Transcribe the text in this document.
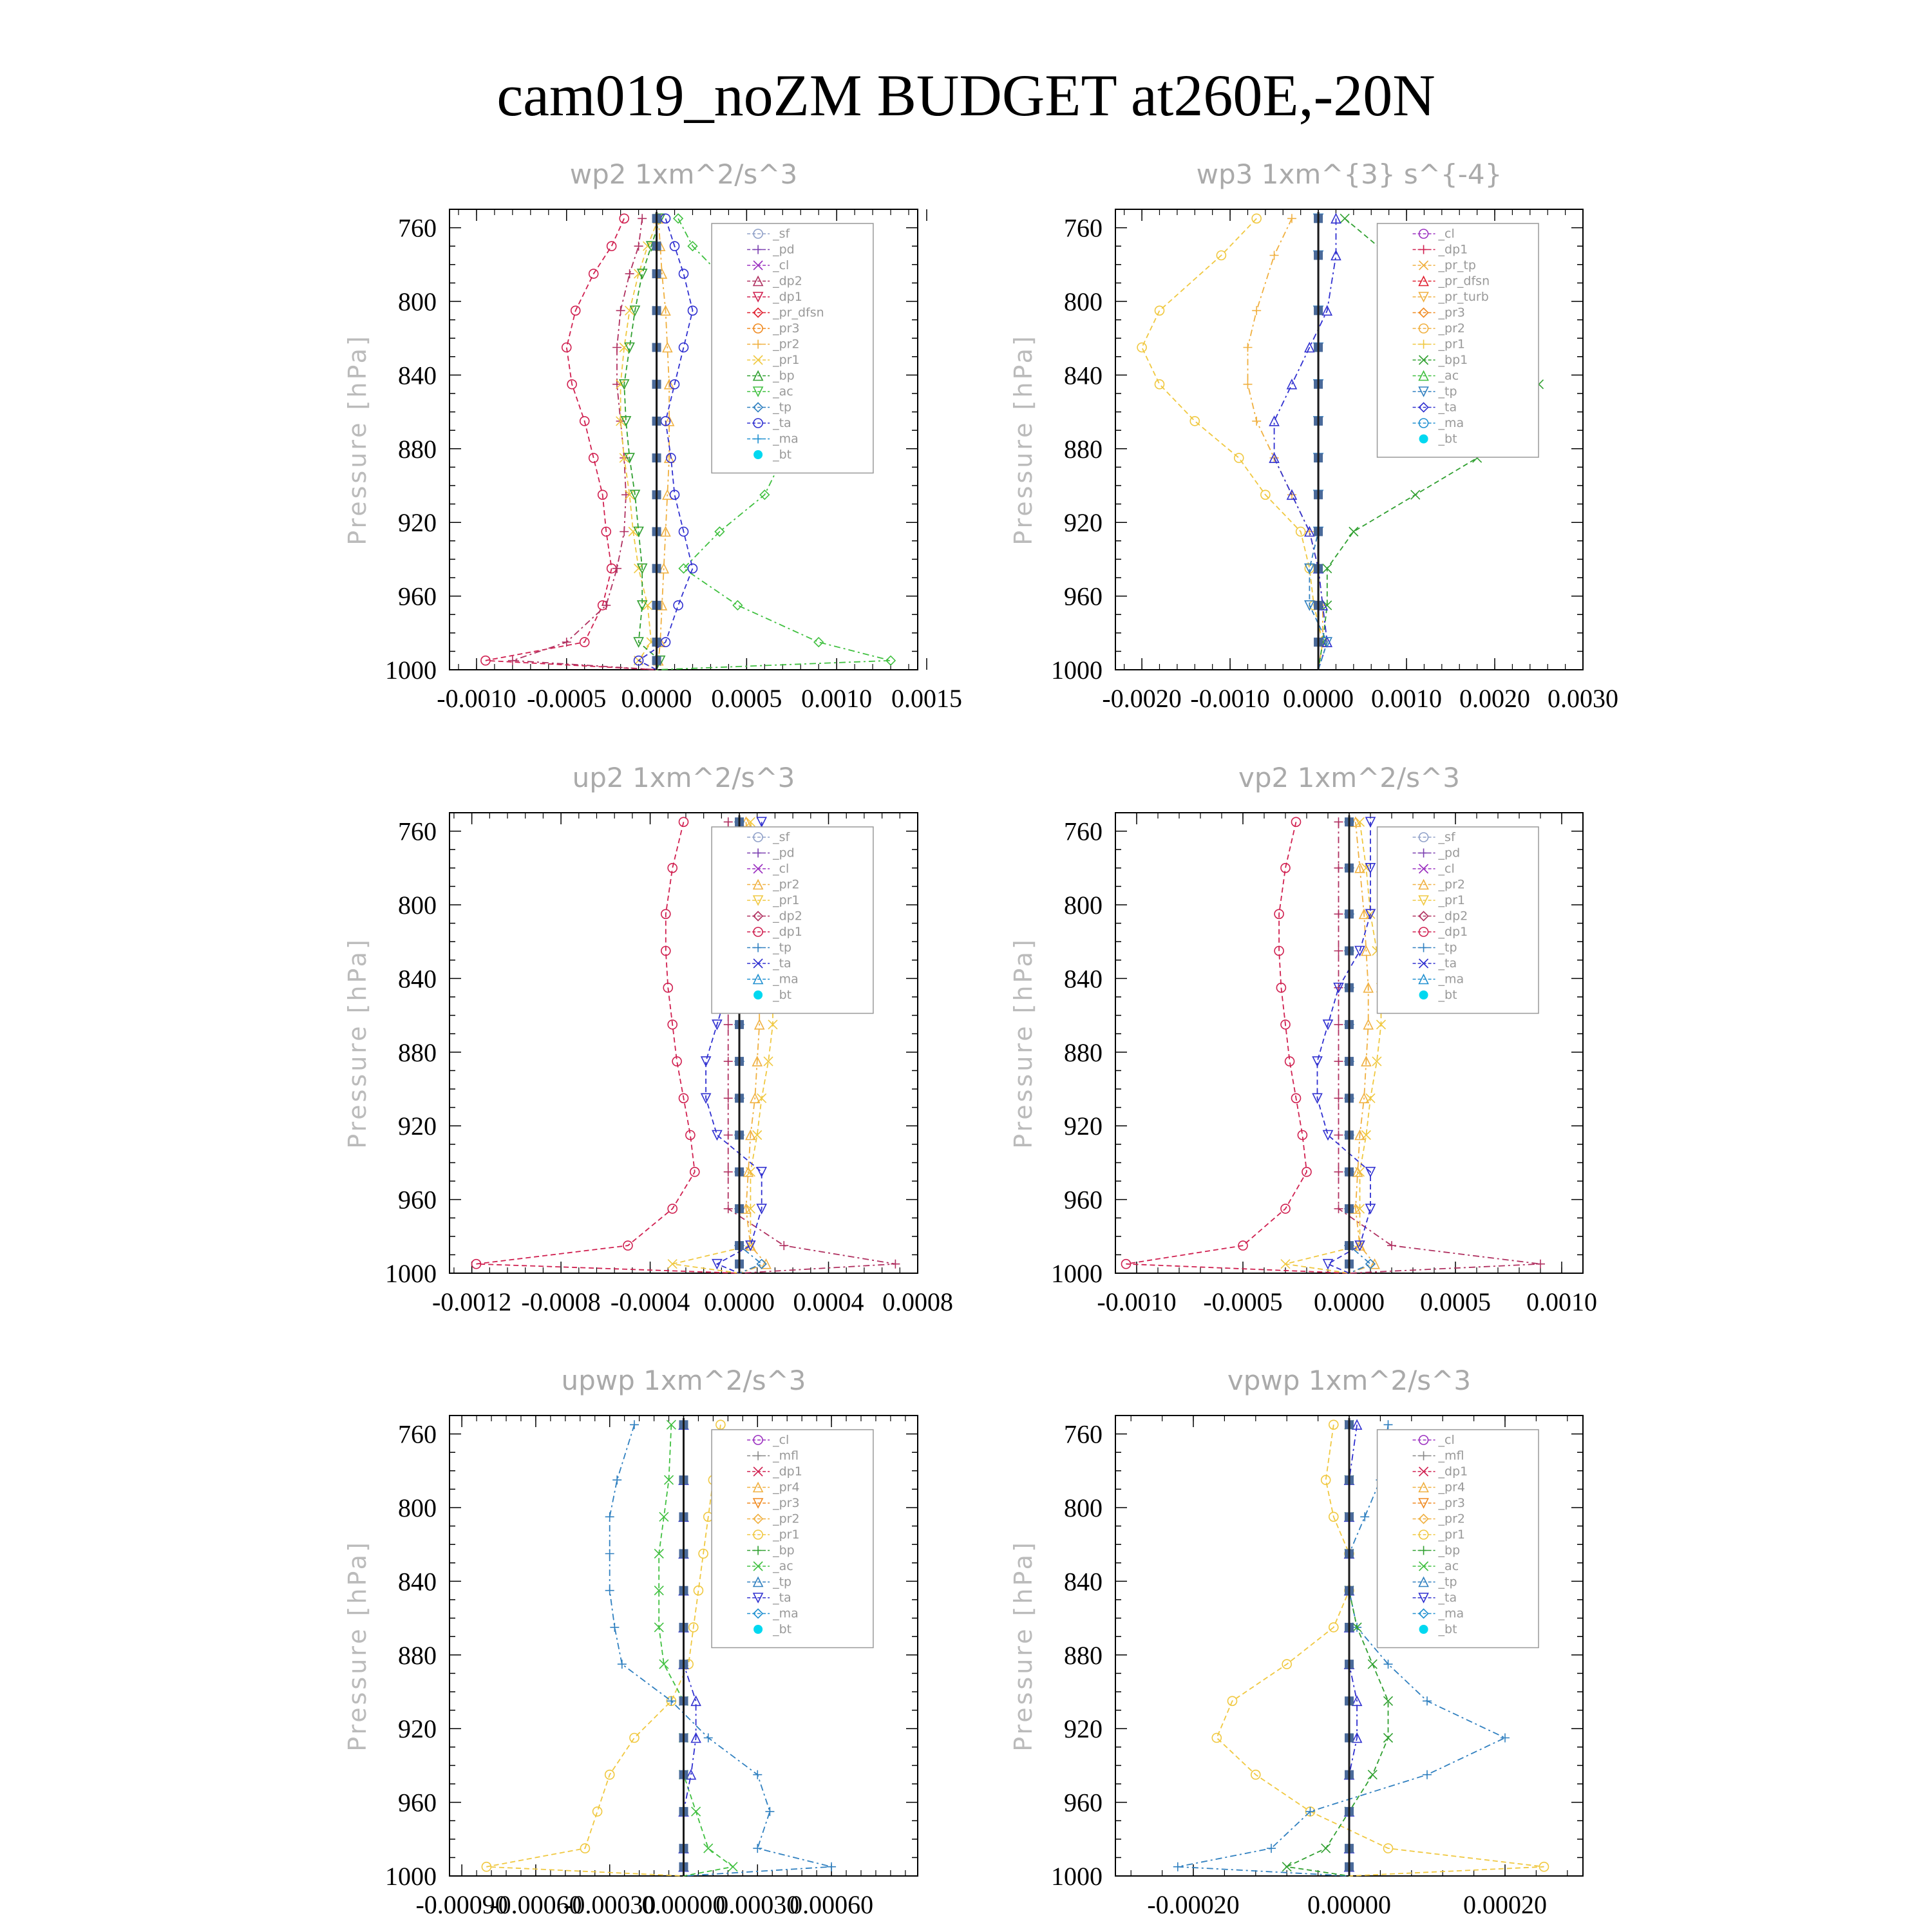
cam019_noZM BUDGET at260E,-20N
760
800
840
880
920
960
1000
-0.0010 -0.0005 0.0000 0.0005 0.0010 0.0015
wp2 1xm^2/s^3
Pressure [hPa]
_sf
_pd
_cl
_dp2
_dp1
_pr_dfsn
_pr3
_pr2
_pr1
_bp
_ac
_tp
_ta
_ma
_bt
760
800
840
880
920
960
1000
-0.0020 -0.0010 0.0000 0.0010 0.0020 0.0030
wp3 1xm^{3} s^{-4}
Pressure [hPa]
_cl
_dp1
_pr_tp
_pr_dfsn
_pr_turb
_pr3
_pr2
_pr1
_bp1
_ac
_tp
_ta
_ma
_bt
760
800
840
880
920
960
1000
-0.0012 -0.0008 -0.0004 0.0000 0.0004 0.0008
up2 1xm^2/s^3
Pressure [hPa]
_sf
_pd
_cl
_pr2
_pr1
_dp2
_dp1
_tp
_ta
_ma
_bt
760
800
840
880
920
960
1000
-0.0010 -0.0005 0.0000 0.0005 0.0010
vp2 1xm^2/s^3
Pressure [hPa]
_sf
_pd
_cl
_pr2
_pr1
_dp2
_dp1
_tp
_ta
_ma
_bt
760
800
840
880
920
960
1000
-0.00090
-0.00060
-0.00030
0.00000
0.00030
0.00060
upwp 1xm^2/s^3
Pressure [hPa]
_cl
_mfl
_dp1
_pr4
_pr3
_pr2
_pr1
_bp
_ac
_tp
_ta
_ma
_bt
760
800
840
880
920
960
1000
-0.00020	0.00000	0.00020
vpwp 1xm^2/s^3
Pressure [hPa]
_cl
_mfl
_dp1
_pr4
_pr3
_pr2
_pr1
_bp
_ac
_tp
_ta
_ma
_bt
